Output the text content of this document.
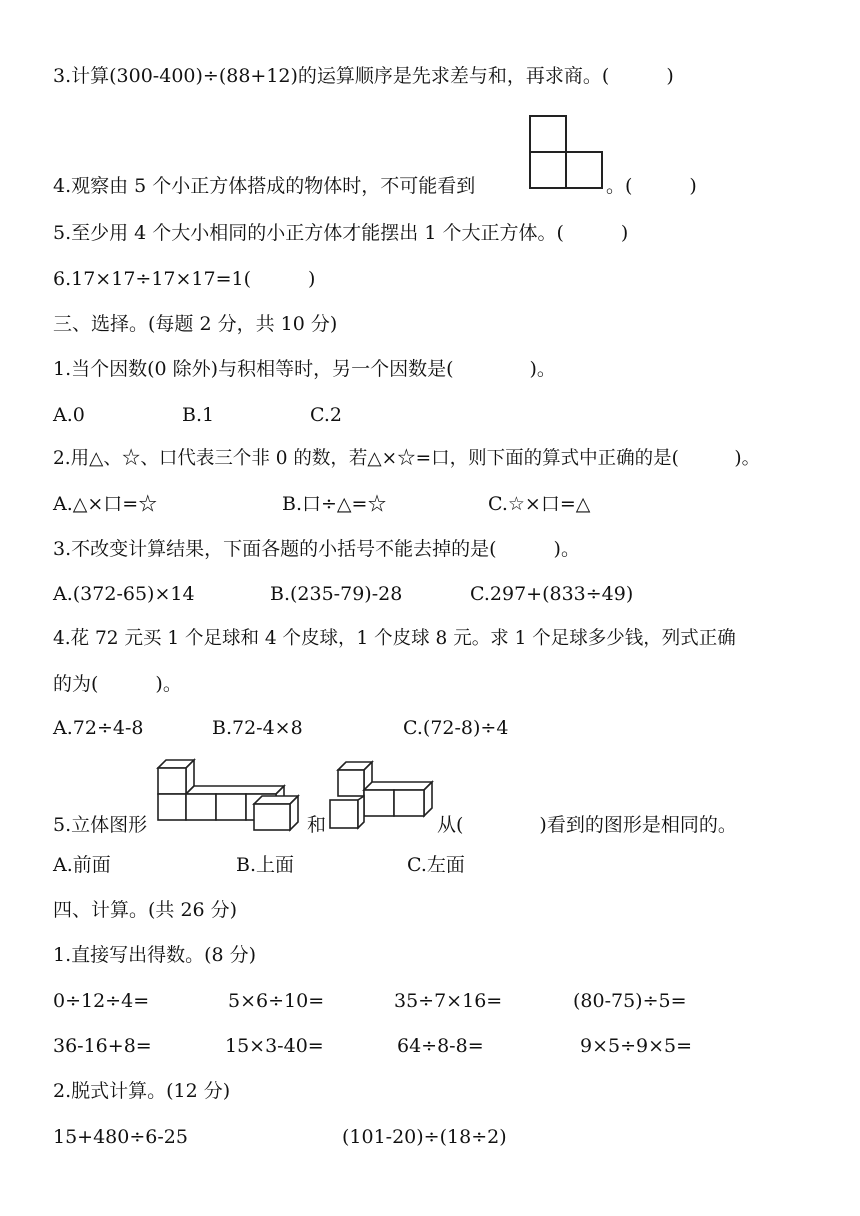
3.计算(300-400)÷(88+12)的运算顺序是先求差与和，再求商。(　　　)
4.观察由 5 个小正方体搭成的物体时，不可能看到	。(　　　)
5.至少用 4 个大小相同的小正方体才能摆出 1 个大正方体。(　　　)
6.17×17÷17×17=1(　　　)
三、选择。(每题 2 分，共 10 分)
1.当个因数(0 除外)与积相等时，另一个因数是(　　　　)。
A.0	B.1	C.2
2.用△、☆、口代表三个非 0 的数，若△×☆=口，则下面的算式中正确的是(　　　)。
A.△×口=☆	B.口÷△=☆	C.☆×口=△
3.不改变计算结果，下面各题的小括号不能去掉的是(　　　)。
A.(372-65)×14	B.(235-79)-28	C.297+(833÷49)
4.花 72 元买 1 个足球和 4 个皮球，1 个皮球 8 元。求 1 个足球多少钱，列式正确
的为(　　　)。
A.72÷4-8	B.72-4×8	C.(72-8)÷4
5.立体图形	和	从(　　　　)看到的图形是相同的。
A.前面	B.上面	C.左面
四、计算。(共 26 分)
1.直接写出得数。(8 分)
0÷12÷4=	5×6÷10=	35÷7×16=	(80-75)÷5=
36-16+8=	15×3-40=	64÷8-8=	9×5÷9×5=
2.脱式计算。(12 分)
15+480÷6-25	(101-20)÷(18÷2)
